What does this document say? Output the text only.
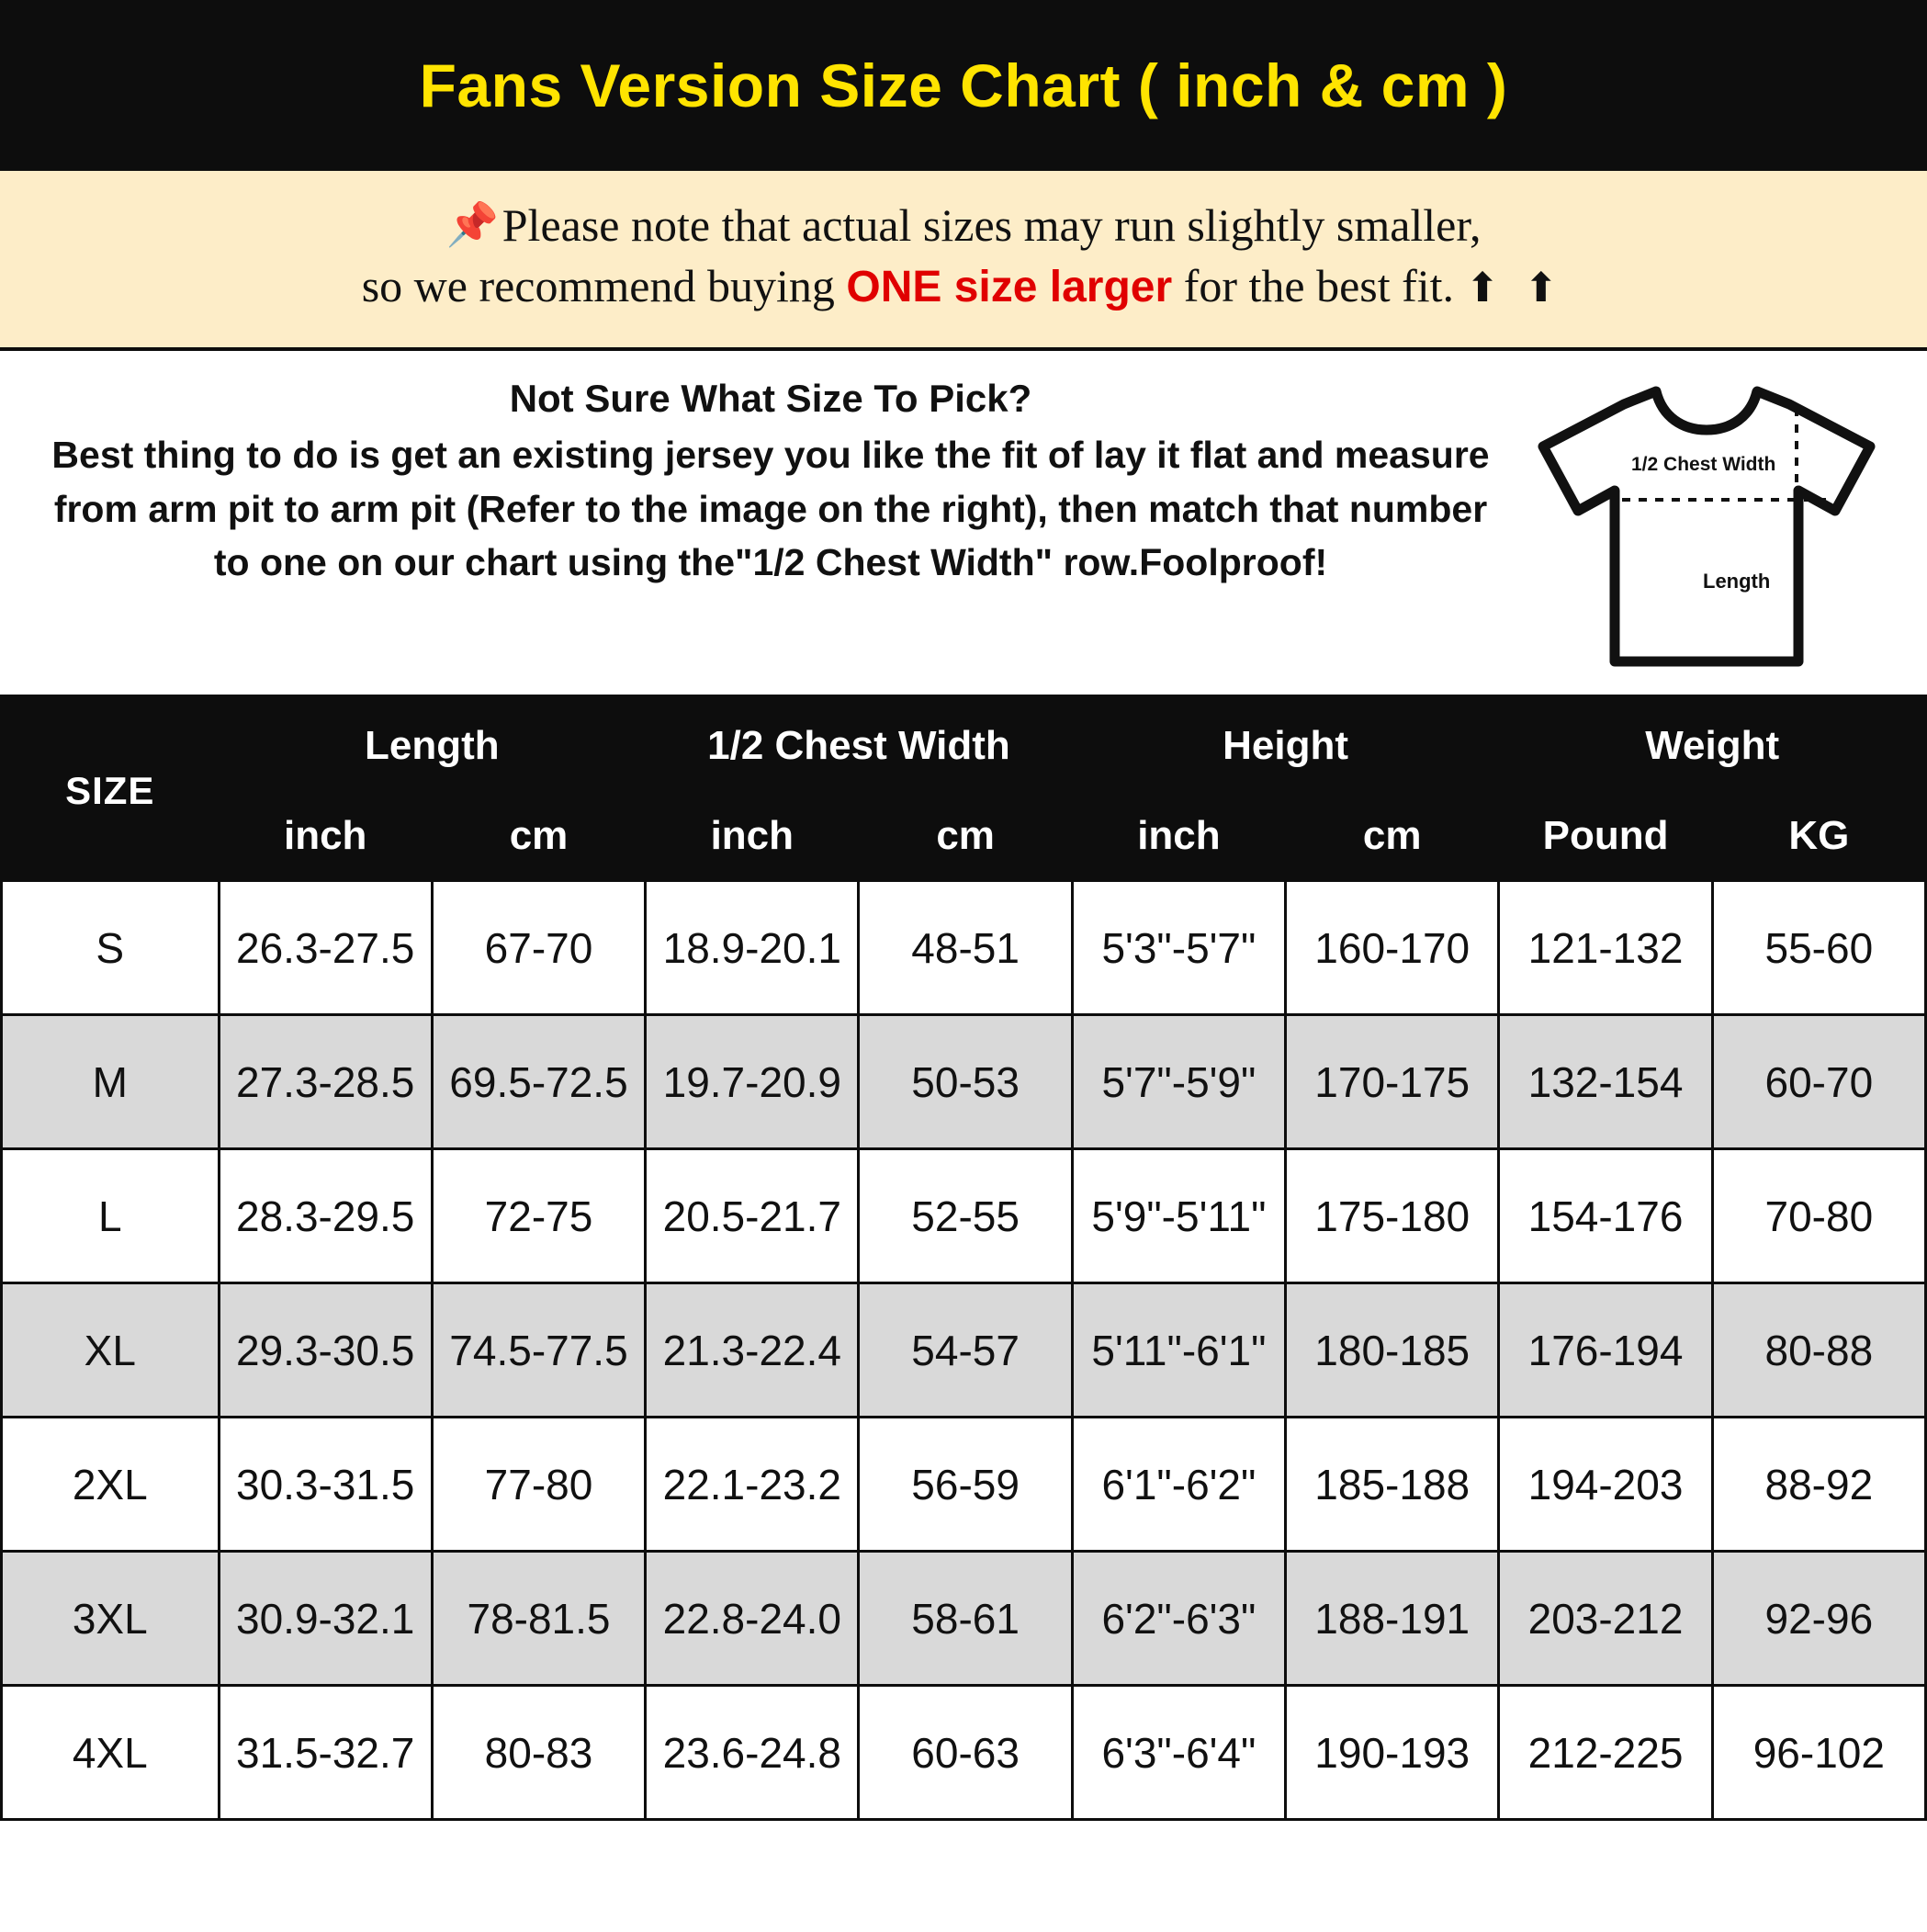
Fans Version Size Chart ( inch & cm )
📌Please note that actual sizes may run slightly smaller,
so we recommend buying ONE size larger for the best fit. ⬆ ⬆
Not Sure What Size To Pick?
Best thing to do is get an existing jersey you like the fit of lay it flat and measure from arm pit to arm pit (Refer to the image on the right), then match that number to one on our chart using the"1/2 Chest Width" row.Foolproof!
1/2 Chest Width
Length
SIZE	Length		1/2 Chest Width		Height		Weight	
	inch	cm	inch	cm	inch	cm	Pound	KG
S	26.3-27.5	67-70	18.9-20.1	48-51	5'3"-5'7"	160-170	121-132	55-60
M	27.3-28.5	69.5-72.5	19.7-20.9	50-53	5'7"-5'9"	170-175	132-154	60-70
L	28.3-29.5	72-75	20.5-21.7	52-55	5'9"-5'11"	175-180	154-176	70-80
XL	29.3-30.5	74.5-77.5	21.3-22.4	54-57	5'11"-6'1"	180-185	176-194	80-88
2XL	30.3-31.5	77-80	22.1-23.2	56-59	6'1"-6'2"	185-188	194-203	88-92
3XL	30.9-32.1	78-81.5	22.8-24.0	58-61	6'2"-6'3"	188-191	203-212	92-96
4XL	31.5-32.7	80-83	23.6-24.8	60-63	6'3"-6'4"	190-193	212-225	96-102
